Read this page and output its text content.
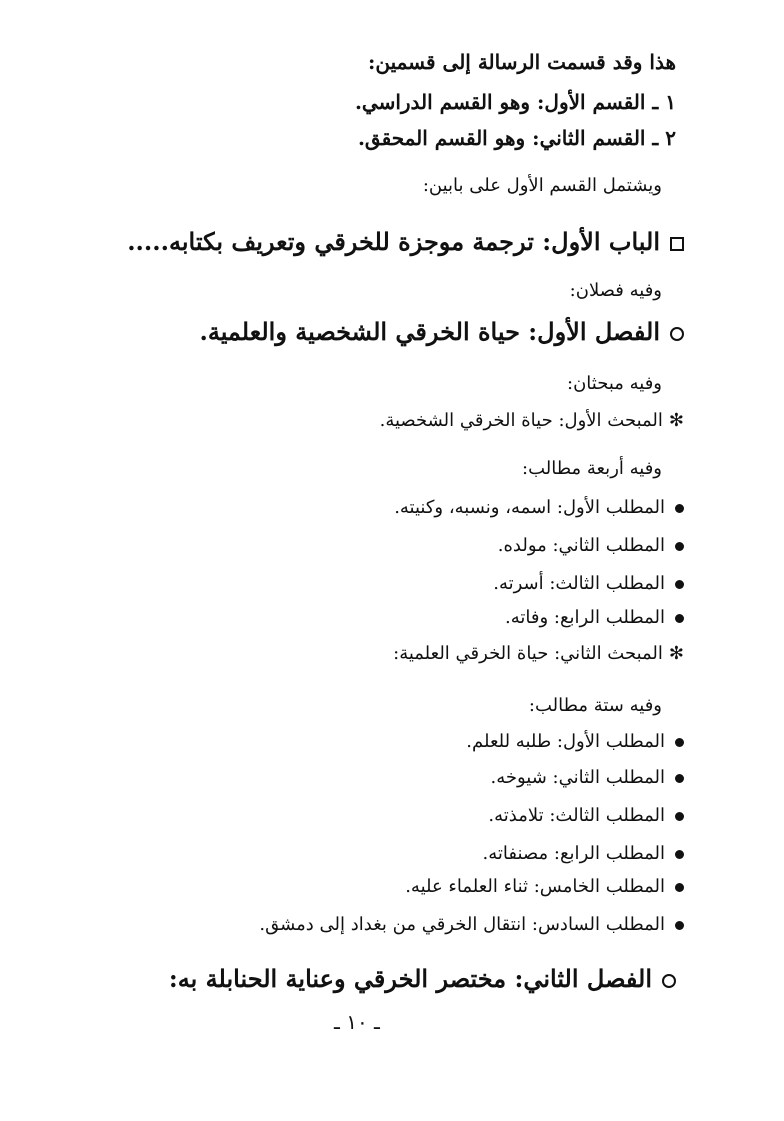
هذا وقد قسمت الرسالة إلى قسمين:
١ ـ القسم الأول: وهو القسم الدراسي.
٢ ـ القسم الثاني: وهو القسم المحقق.
ويشتمل القسم الأول على بابين:
الباب الأول: ترجمة موجزة للخرقي وتعريف بكتابه.....
وفيه فصلان:
الفصل الأول: حياة الخرقي الشخصية والعلمية.
وفيه مبحثان:
✻المبحث الأول: حياة الخرقي الشخصية.
وفيه أربعة مطالب:
المطلب الأول: اسمه، ونسبه، وكنيته.
المطلب الثاني: مولده.
المطلب الثالث: أسرته.
المطلب الرابع: وفاته.
✻المبحث الثاني: حياة الخرقي العلمية:
وفيه ستة مطالب:
المطلب الأول: طلبه للعلم.
المطلب الثاني: شيوخه.
المطلب الثالث: تلامذته.
المطلب الرابع: مصنفاته.
المطلب الخامس: ثناء العلماء عليه.
المطلب السادس: انتقال الخرقي من بغداد إلى دمشق.
الفصل الثاني: مختصر الخرقي وعناية الحنابلة به:
ـ ١٠ ـ
